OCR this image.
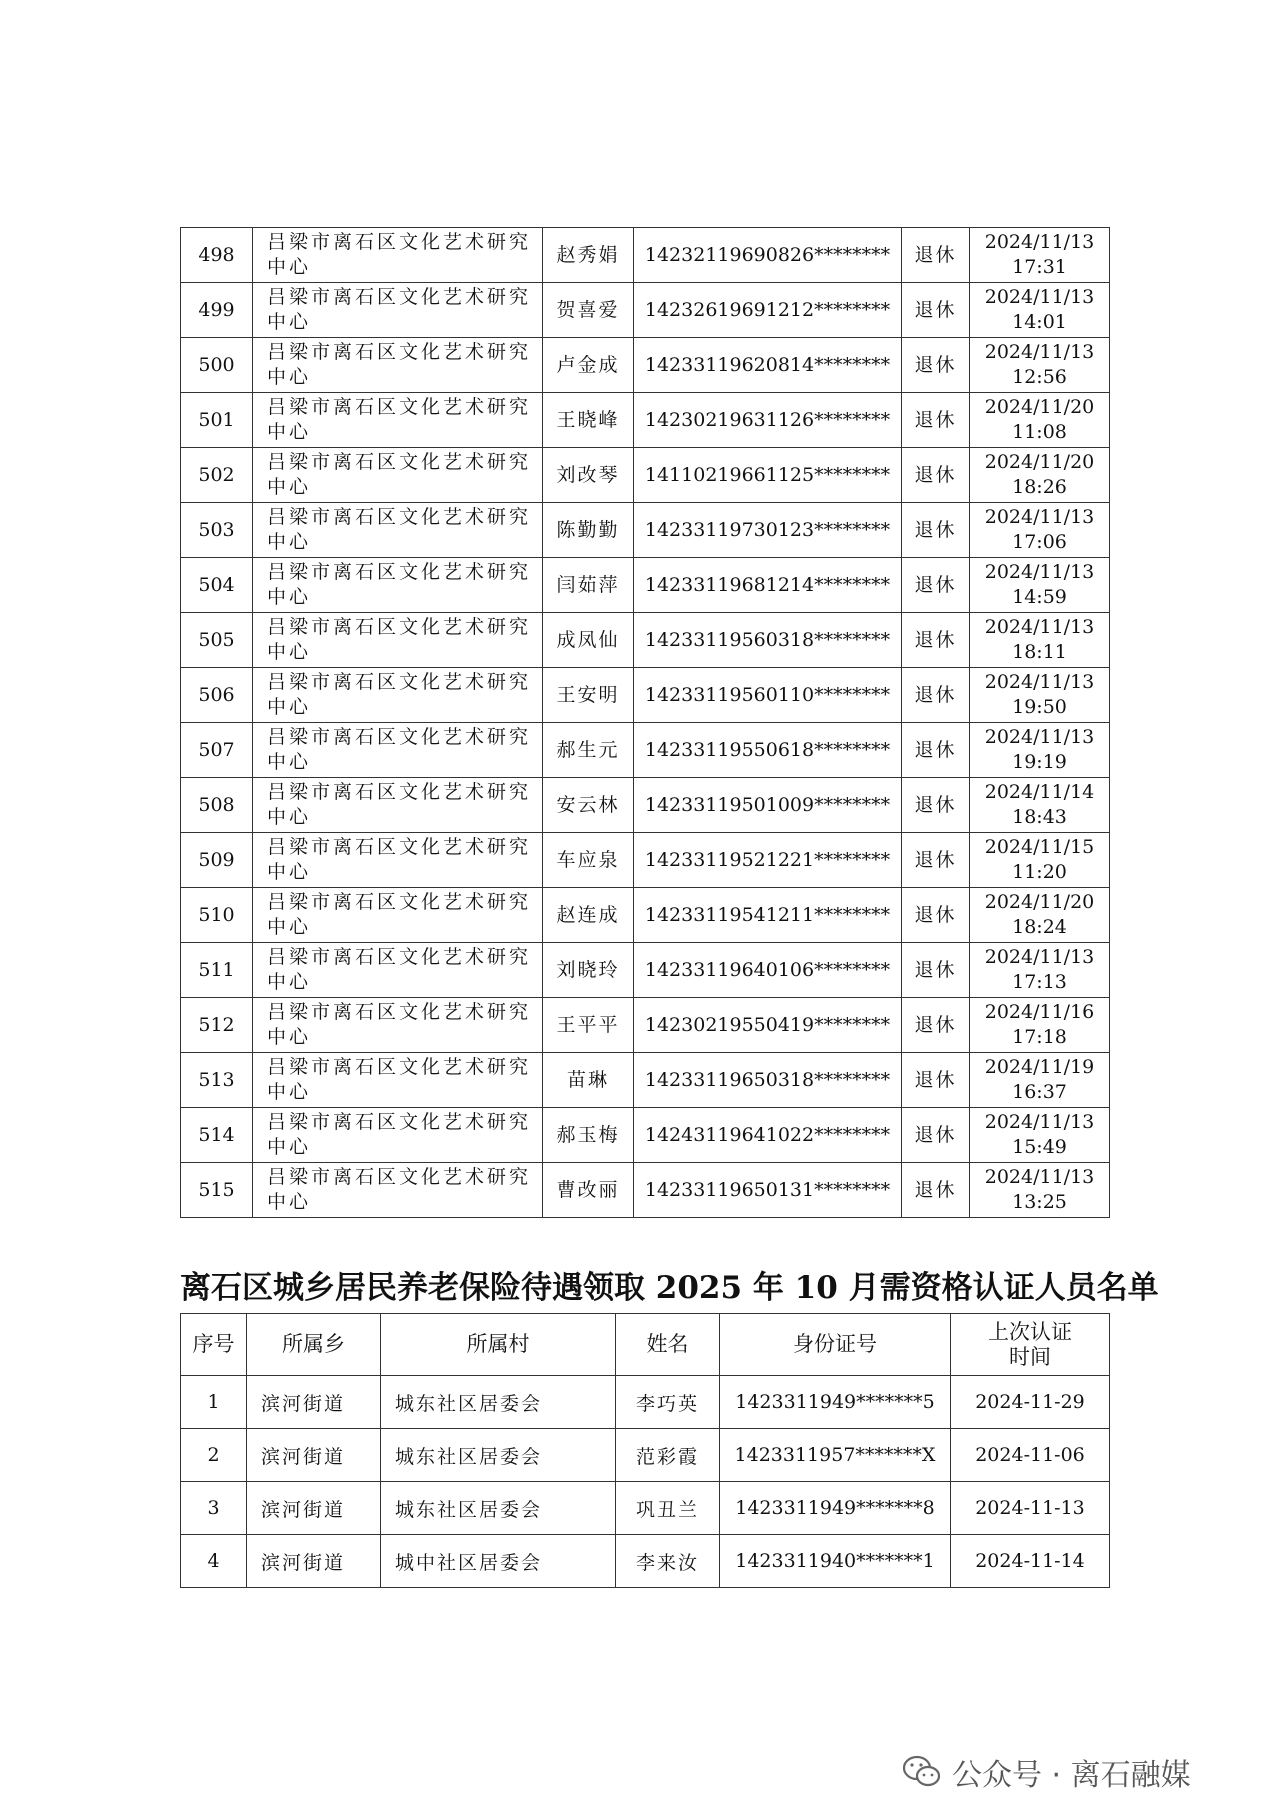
498	吕梁市离石区文化艺术研究中心	赵秀娟	14232119690826********	退休	2024/11/13
17:31
499	吕梁市离石区文化艺术研究中心	贺喜爱	14232619691212********	退休	2024/11/13
14:01
500	吕梁市离石区文化艺术研究中心	卢金成	14233119620814********	退休	2024/11/13
12:56
501	吕梁市离石区文化艺术研究中心	王晓峰	14230219631126********	退休	2024/11/20
11:08
502	吕梁市离石区文化艺术研究中心	刘改琴	14110219661125********	退休	2024/11/20
18:26
503	吕梁市离石区文化艺术研究中心	陈勤勤	14233119730123********	退休	2024/11/13
17:06
504	吕梁市离石区文化艺术研究中心	闫茹萍	14233119681214********	退休	2024/11/13
14:59
505	吕梁市离石区文化艺术研究中心	成凤仙	14233119560318********	退休	2024/11/13
18:11
506	吕梁市离石区文化艺术研究中心	王安明	14233119560110********	退休	2024/11/13
19:50
507	吕梁市离石区文化艺术研究中心	郝生元	14233119550618********	退休	2024/11/13
19:19
508	吕梁市离石区文化艺术研究中心	安云林	14233119501009********	退休	2024/11/14
18:43
509	吕梁市离石区文化艺术研究中心	车应泉	14233119521221********	退休	2024/11/15
11:20
510	吕梁市离石区文化艺术研究中心	赵连成	14233119541211********	退休	2024/11/20
18:24
511	吕梁市离石区文化艺术研究中心	刘晓玲	14233119640106********	退休	2024/11/13
17:13
512	吕梁市离石区文化艺术研究中心	王平平	14230219550419********	退休	2024/11/16
17:18
513	吕梁市离石区文化艺术研究中心	苗琳	14233119650318********	退休	2024/11/19
16:37
514	吕梁市离石区文化艺术研究中心	郝玉梅	14243119641022********	退休	2024/11/13
15:49
515	吕梁市离石区文化艺术研究中心	曹改丽	14233119650131********	退休	2024/11/13
13:25
离石区城乡居民养老保险待遇领取 2025 年 10 月需资格认证人员名单
序号	所属乡	所属村	姓名	身份证号	上次认证
时间
1	滨河街道	城东社区居委会	李巧英	1423311949*******5	2024-11-29
2	滨河街道	城东社区居委会	范彩霞	1423311957*******X	2024-11-06
3	滨河街道	城东社区居委会	巩丑兰	1423311949*******8	2024-11-13
4	滨河街道	城中社区居委会	李来汝	1423311940*******1	2024-11-14
公众号 · 离石融媒
